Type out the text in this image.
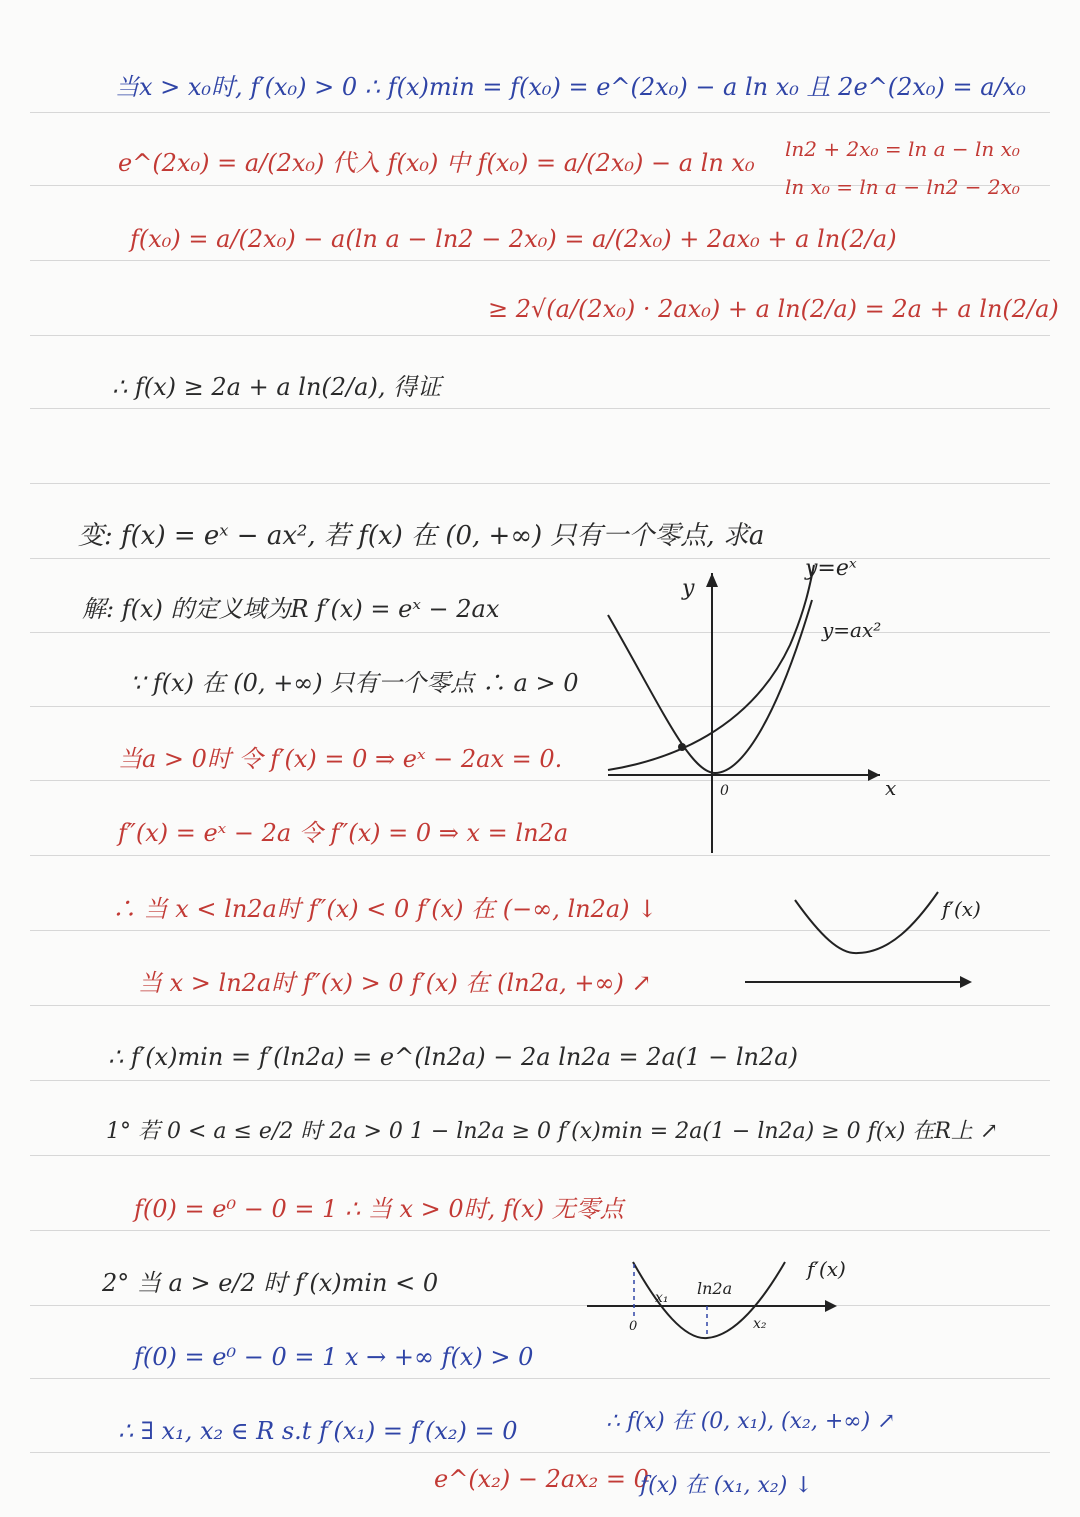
当x > x₀时, f′(x₀) > 0 ∴ f(x)min = f(x₀) = e^(2x₀) − a ln x₀ 且 2e^(2x₀) = a/x₀
e^(2x₀) = a/(2x₀) 代入 f(x₀) 中 f(x₀) = a/(2x₀) − a ln x₀ ln2 + 2x₀ = ln a − ln x₀
ln x₀ = ln a − ln2 − 2x₀
f(x₀) = a/(2x₀) − a(ln a − ln2 − 2x₀) = a/(2x₀) + 2ax₀ + a ln(2/a)
≥ 2√(a/(2x₀) · 2ax₀) + a ln(2/a) = 2a + a ln(2/a)
∴ f(x) ≥ 2a + a ln(2/a), 得证
变: f(x) = eˣ − ax², 若 f(x) 在 (0, +∞) 只有一个零点, 求a
解: f(x) 的定义域为R f′(x) = eˣ − 2ax
∵ f(x) 在 (0, +∞) 只有一个零点 ∴ a > 0
当a > 0时 令 f′(x) = 0 ⇒ eˣ − 2ax = 0.
f″(x) = eˣ − 2a 令 f″(x) = 0 ⇒ x = ln2a
∴ 当 x < ln2a时 f″(x) < 0 f′(x) 在 (−∞, ln2a) ↓
当 x > ln2a时 f″(x) > 0 f′(x) 在 (ln2a, +∞) ↗
∴ f′(x)min = f′(ln2a) = e^(ln2a) − 2a ln2a = 2a(1 − ln2a)
1° 若 0 < a ≤ e/2 时 2a > 0 1 − ln2a ≥ 0 f′(x)min = 2a(1 − ln2a) ≥ 0 f(x) 在R上 ↗
f(0) = e⁰ − 0 = 1 ∴ 当 x > 0时, f(x) 无零点
2° 当 a > e/2 时 f′(x)min < 0
f(0) = e⁰ − 0 = 1 x → +∞ f(x) > 0
∴ ∃ x₁, x₂ ∈ R s.t f′(x₁) = f′(x₂) = 0	∴ f(x) 在 (0, x₁), (x₂, +∞) ↗
e^(x₂) − 2ax₂ = 0
f(x) 在 (x₁, x₂) ↓
y
x
0
y=eˣ
y=ax²
f′(x)
x₁
x₂
ln2a
0
f′(x)
